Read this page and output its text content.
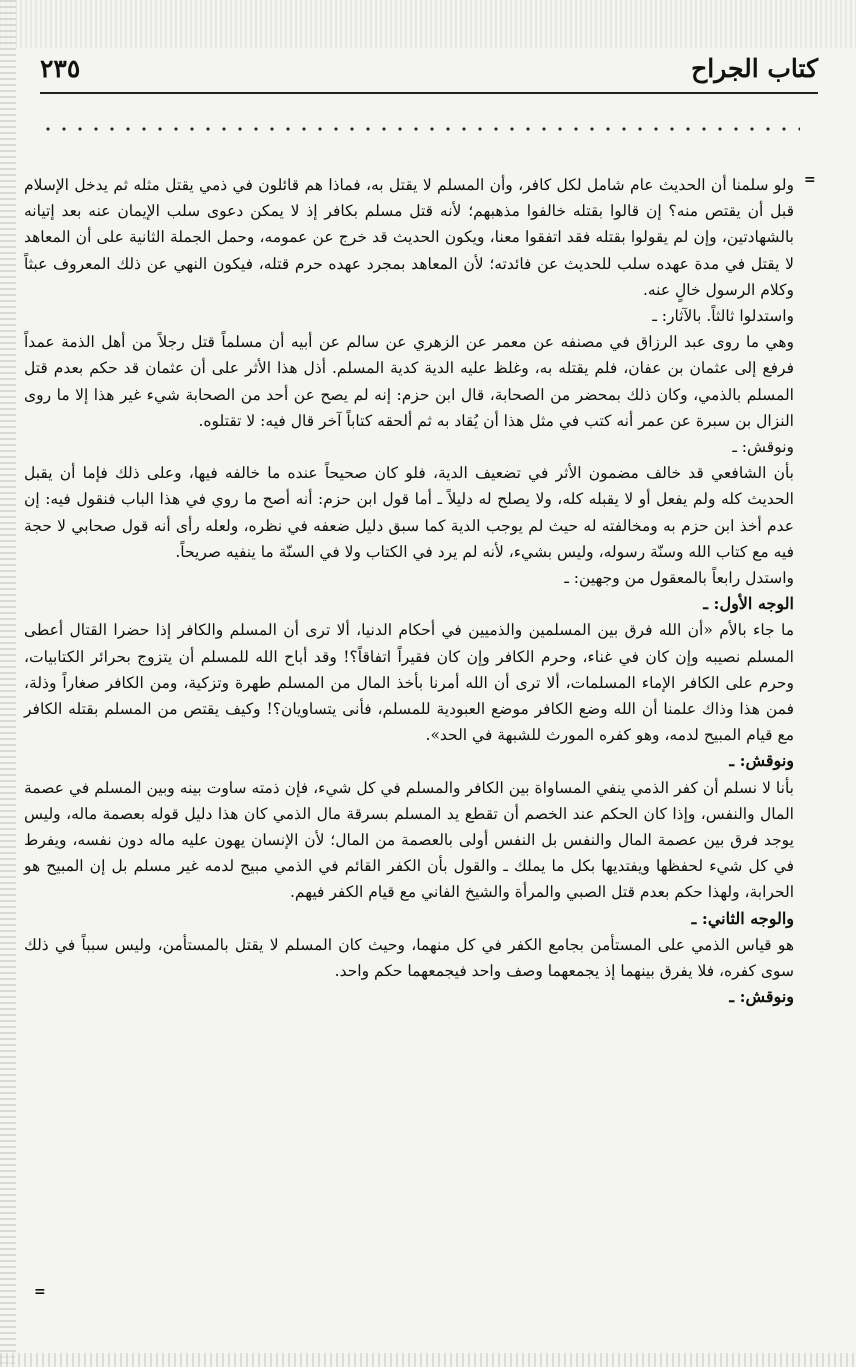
كتاب الجراح
٢٣٥
=
=

ولو سلمنا أن الحديث عام شامل لكل كافر، وأن المسلم لا يقتل به، فماذا هم قائلون في ذمي يقتل مثله ثم يدخل الإسلام قبل أن يقتص منه؟ إن قالوا بقتله خالفوا مذهبهم؛ لأنه قتل مسلم بكافر إذ لا يمكن دعوى سلب الإيمان عنه بعد إتيانه بالشهادتين، وإن لم يقولوا بقتله فقد اتفقوا معنا، ويكون الحديث قد خرج عن عمومه، وحمل الجملة الثانية على أن المعاهد لا يقتل في مدة عهده سلب للحديث عن فائدته؛ لأن المعاهد بمجرد عهده حرم قتله، فيكون النهي عن ذلك المعروف عبثاً وكلام الرسول خالٍ عنه.

واستدلوا ثالثاً. بالآثار: ـ

وهي ما روى عبد الرزاق في مصنفه عن معمر عن الزهري عن سالم عن أبيه أن مسلماً قتل رجلاً من أهل الذمة عمداً فرفع إلى عثمان بن عفان، فلم يقتله به، وغلظ عليه الدية كدية المسلم. أذل هذا الأثر على أن عثمان قد حكم بعدم قتل المسلم بالذمي، وكان ذلك بمحضر من الصحابة، قال ابن حزم: إنه لم يصح عن أحد من الصحابة شيء غير هذا إلا ما روى النزال بن سبرة عن عمر أنه كتب في مثل هذا أن يُقاد به ثم ألحقه كتاباً آخر قال فيه: لا تقتلوه.

ونوقش: ـ

بأن الشافعي قد خالف مضمون الأثر في تضعيف الدية، فلو كان صحيحاً عنده ما خالفه فيها، وعلى ذلك فإما أن يقبل الحديث كله ولم يفعل أو لا يقبله كله، ولا يصلح له دليلاً ـ أما قول ابن حزم: أنه أصح ما روي في هذا الباب فنقول فيه: إن عدم أخذ ابن حزم به ومخالفته له حيث لم يوجب الدية كما سبق دليل ضعفه في نظره، ولعله رأى أنه قول صحابي لا حجة فيه مع كتاب الله وسنّة رسوله، وليس بشيء، لأنه لم يرد في الكتاب ولا في السنّة ما ينفيه صريحاً.

واستدل رابعاً بالمعقول من وجهين: ـ

الوجه الأول: ـ

ما جاء بالأم «أن الله فرق بين المسلمين والذميين في أحكام الدنيا، ألا ترى أن المسلم والكافر إذا حضرا القتال أعطى المسلم نصيبه وإن كان في غناء، وحرم الكافر وإن كان فقيراً اتفاقاً؟! وقد أباح الله للمسلم أن يتزوج بحرائر الكتابيات، وحرم على الكافر الإماء المسلمات، ألا ترى أن الله أمرنا بأخذ المال من المسلم طهرة وتزكية، ومن الكافر صغاراً وذلة، فمن هذا وذاك علمنا أن الله وضع الكافر موضع العبودية للمسلم، فأنى يتساويان؟! وكيف يقتص من المسلم بقتله الكافر مع قيام المبيح لدمه، وهو كفره المورث للشبهة في الحد».

ونوقش: ـ

بأنا لا نسلم أن كفر الذمي ينفي المساواة بين الكافر والمسلم في كل شيء، فإن ذمته ساوت بينه وبين المسلم في عصمة المال والنفس، وإذا كان الحكم عند الخصم أن تقطع يد المسلم بسرقة مال الذمي كان هذا دليل قوله بعصمة ماله، وليس يوجد فرق بين عصمة المال والنفس بل النفس أولى بالعصمة من المال؛ لأن الإنسان يهون عليه ماله دون نفسه، ويفرط في كل شيء لحفظها ويفتديها بكل ما يملك ـ والقول بأن الكفر القائم في الذمي مبيح لدمه غير مسلم بل إن المبيح هو الحرابة، ولهذا حكم بعدم قتل الصبي والمرأة والشيخ الفاني مع قيام الكفر فيهم.

والوجه الثاني: ـ

هو قياس الذمي على المستأمن بجامع الكفر في كل منهما، وحيث كان المسلم لا يقتل بالمستأمن، وليس سبباً في ذلك سوى كفره، فلا يفرق بينهما إذ يجمعهما وصف واحد فيجمعهما حكم واحد.

ونوقش: ـ
